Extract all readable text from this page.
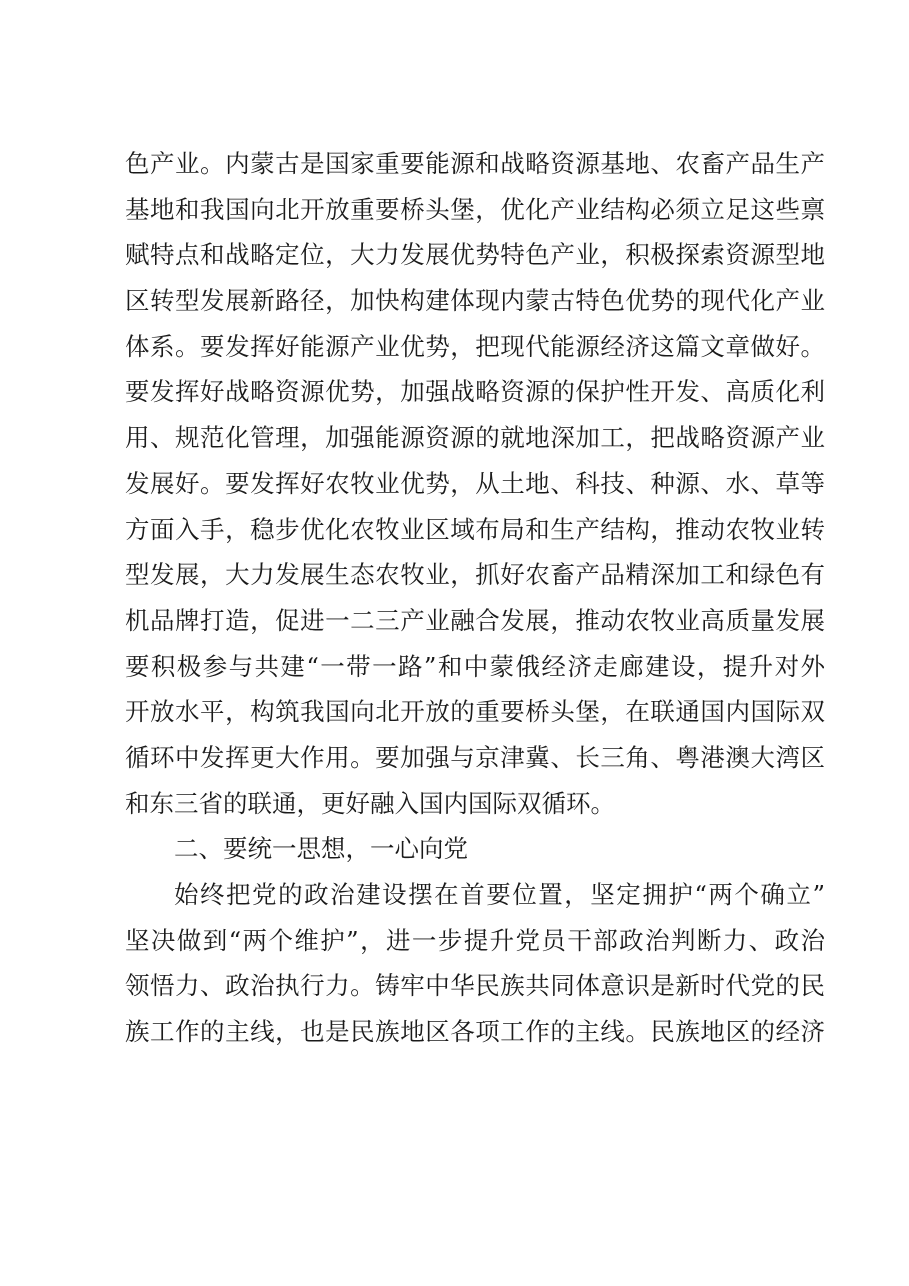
色产业。内蒙古是国家重要能源和战略资源基地、农畜产品生产
基地和我国向北开放重要桥头堡，优化产业结构必须立足这些禀
赋特点和战略定位，大力发展优势特色产业，积极探索资源型地
区转型发展新路径，加快构建体现内蒙古特色优势的现代化产业
体系。要发挥好能源产业优势，把现代能源经济这篇文章做好。
要发挥好战略资源优势，加强战略资源的保护性开发、高质化利
用、规范化管理，加强能源资源的就地深加工，把战略资源产业
发展好。要发挥好农牧业优势，从土地、科技、种源、水、草等
方面入手，稳步优化农牧业区域布局和生产结构，推动农牧业转
型发展，大力发展生态农牧业，抓好农畜产品精深加工和绿色有
机品牌打造，促进一二三产业融合发展，推动农牧业高质量发展
要积极参与共建“一带一路”和中蒙俄经济走廊建设，提升对外
开放水平，构筑我国向北开放的重要桥头堡，在联通国内国际双
循环中发挥更大作用。要加强与京津冀、长三角、粤港澳大湾区
和东三省的联通，更好融入国内国际双循环。
二、要统一思想，一心向党
始终把党的政治建设摆在首要位置，坚定拥护“两个确立”
坚决做到“两个维护”，进一步提升党员干部政治判断力、政治
领悟力、政治执行力。铸牢中华民族共同体意识是新时代党的民
族工作的主线，也是民族地区各项工作的主线。民族地区的经济
